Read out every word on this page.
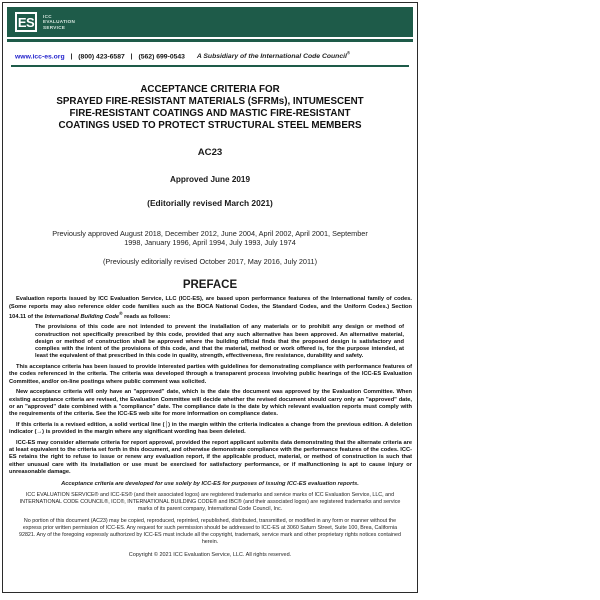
ES ICC
EVALUATION
SERVICE
www.icc-es.org | (800) 423-6587 | (562) 699-0543 A Subsidiary of the International Code Council®
ACCEPTANCE CRITERIA FOR
SPRAYED FIRE-RESISTANT MATERIALS (SFRMs), INTUMESCENT
FIRE-RESISTANT COATINGS AND MASTIC FIRE-RESISTANT
COATINGS USED TO PROTECT STRUCTURAL STEEL MEMBERS
AC23
Approved June 2019
(Editorially revised March 2021)
Previously approved August 2018, December 2012, June 2004, April 2002, April 2001, September 1998, January 1996, April 1994, July 1993, July 1974
(Previously editorially revised October 2017, May 2016, July 2011)
PREFACE

Evaluation reports issued by ICC Evaluation Service, LLC (ICC-ES), are based upon performance features of the International family of codes. (Some reports may also reference older code families such as the BOCA National Codes, the Standard Codes, and the Uniform Codes.) Section 104.11 of the International Building Code® reads as follows:

The provisions of this code are not intended to prevent the installation of any materials or to prohibit any design or method of construction not specifically prescribed by this code, provided that any such alternative has been approved. An alternative material, design or method of construction shall be approved where the building official finds that the proposed design is satisfactory and complies with the intent of the provisions of this code, and that the material, method or work offered is, for the purpose intended, at least the equivalent of that prescribed in this code in quality, strength, effectiveness, fire resistance, durability and safety.

This acceptance criteria has been issued to provide interested parties with guidelines for demonstrating compliance with performance features of the codes referenced in the criteria. The criteria was developed through a transparent process involving public hearings of the ICC-ES Evaluation Committee, and/or on-line postings where public comment was solicited.

New acceptance criteria will only have an "approved" date, which is the date the document was approved by the Evaluation Committee. When existing acceptance criteria are revised, the Evaluation Committee will decide whether the revised document should carry only an "approved" date, or an "approved" date combined with a "compliance" date. The compliance date is the date by which relevant evaluation reports must comply with the requirements of the criteria. See the ICC-ES web site for more information on compliance dates.

If this criteria is a revised edition, a solid vertical line (│) in the margin within the criteria indicates a change from the previous edition. A deletion indicator (→) is provided in the margin where any significant wording has been deleted.

ICC-ES may consider alternate criteria for report approval, provided the report applicant submits data demonstrating that the alternate criteria are at least equivalent to the criteria set forth in this document, and otherwise demonstrate compliance with the performance features of the codes. ICC-ES retains the right to refuse to issue or renew any evaluation report, if the applicable product, material, or method of construction is such that either unusual care with its installation or use must be exercised for satisfactory performance, or if malfunctioning is apt to cause injury or unreasonable damage.

Acceptance criteria are developed for use solely by ICC-ES for purposes of issuing ICC-ES evaluation reports.
ICC EVALUATION SERVICE® and ICC-ES® (and their associated logos) are registered trademarks and service marks of ICC Evaluation Service, LLC, and INTERNATIONAL CODE COUNCIL®, ICC®, INTERNATIONAL BUILDING CODE® and IBC® (and their associated logos) are registered trademarks and service marks of its parent company, International Code Council, Inc.
No portion of this document (AC23) may be copied, reproduced, reprinted, republished, distributed, transmitted, or modified in any form or manner without the express prior written permission of ICC-ES. Any request for such permission should be addressed to ICC-ES at 3060 Saturn Street, Suite 100, Brea, California 92821. Any of the foregoing expressly authorized by ICC-ES must include all the copyright, trademark, service mark and other proprietary rights notices contained herein.
Copyright © 2021 ICC Evaluation Service, LLC. All rights reserved.
